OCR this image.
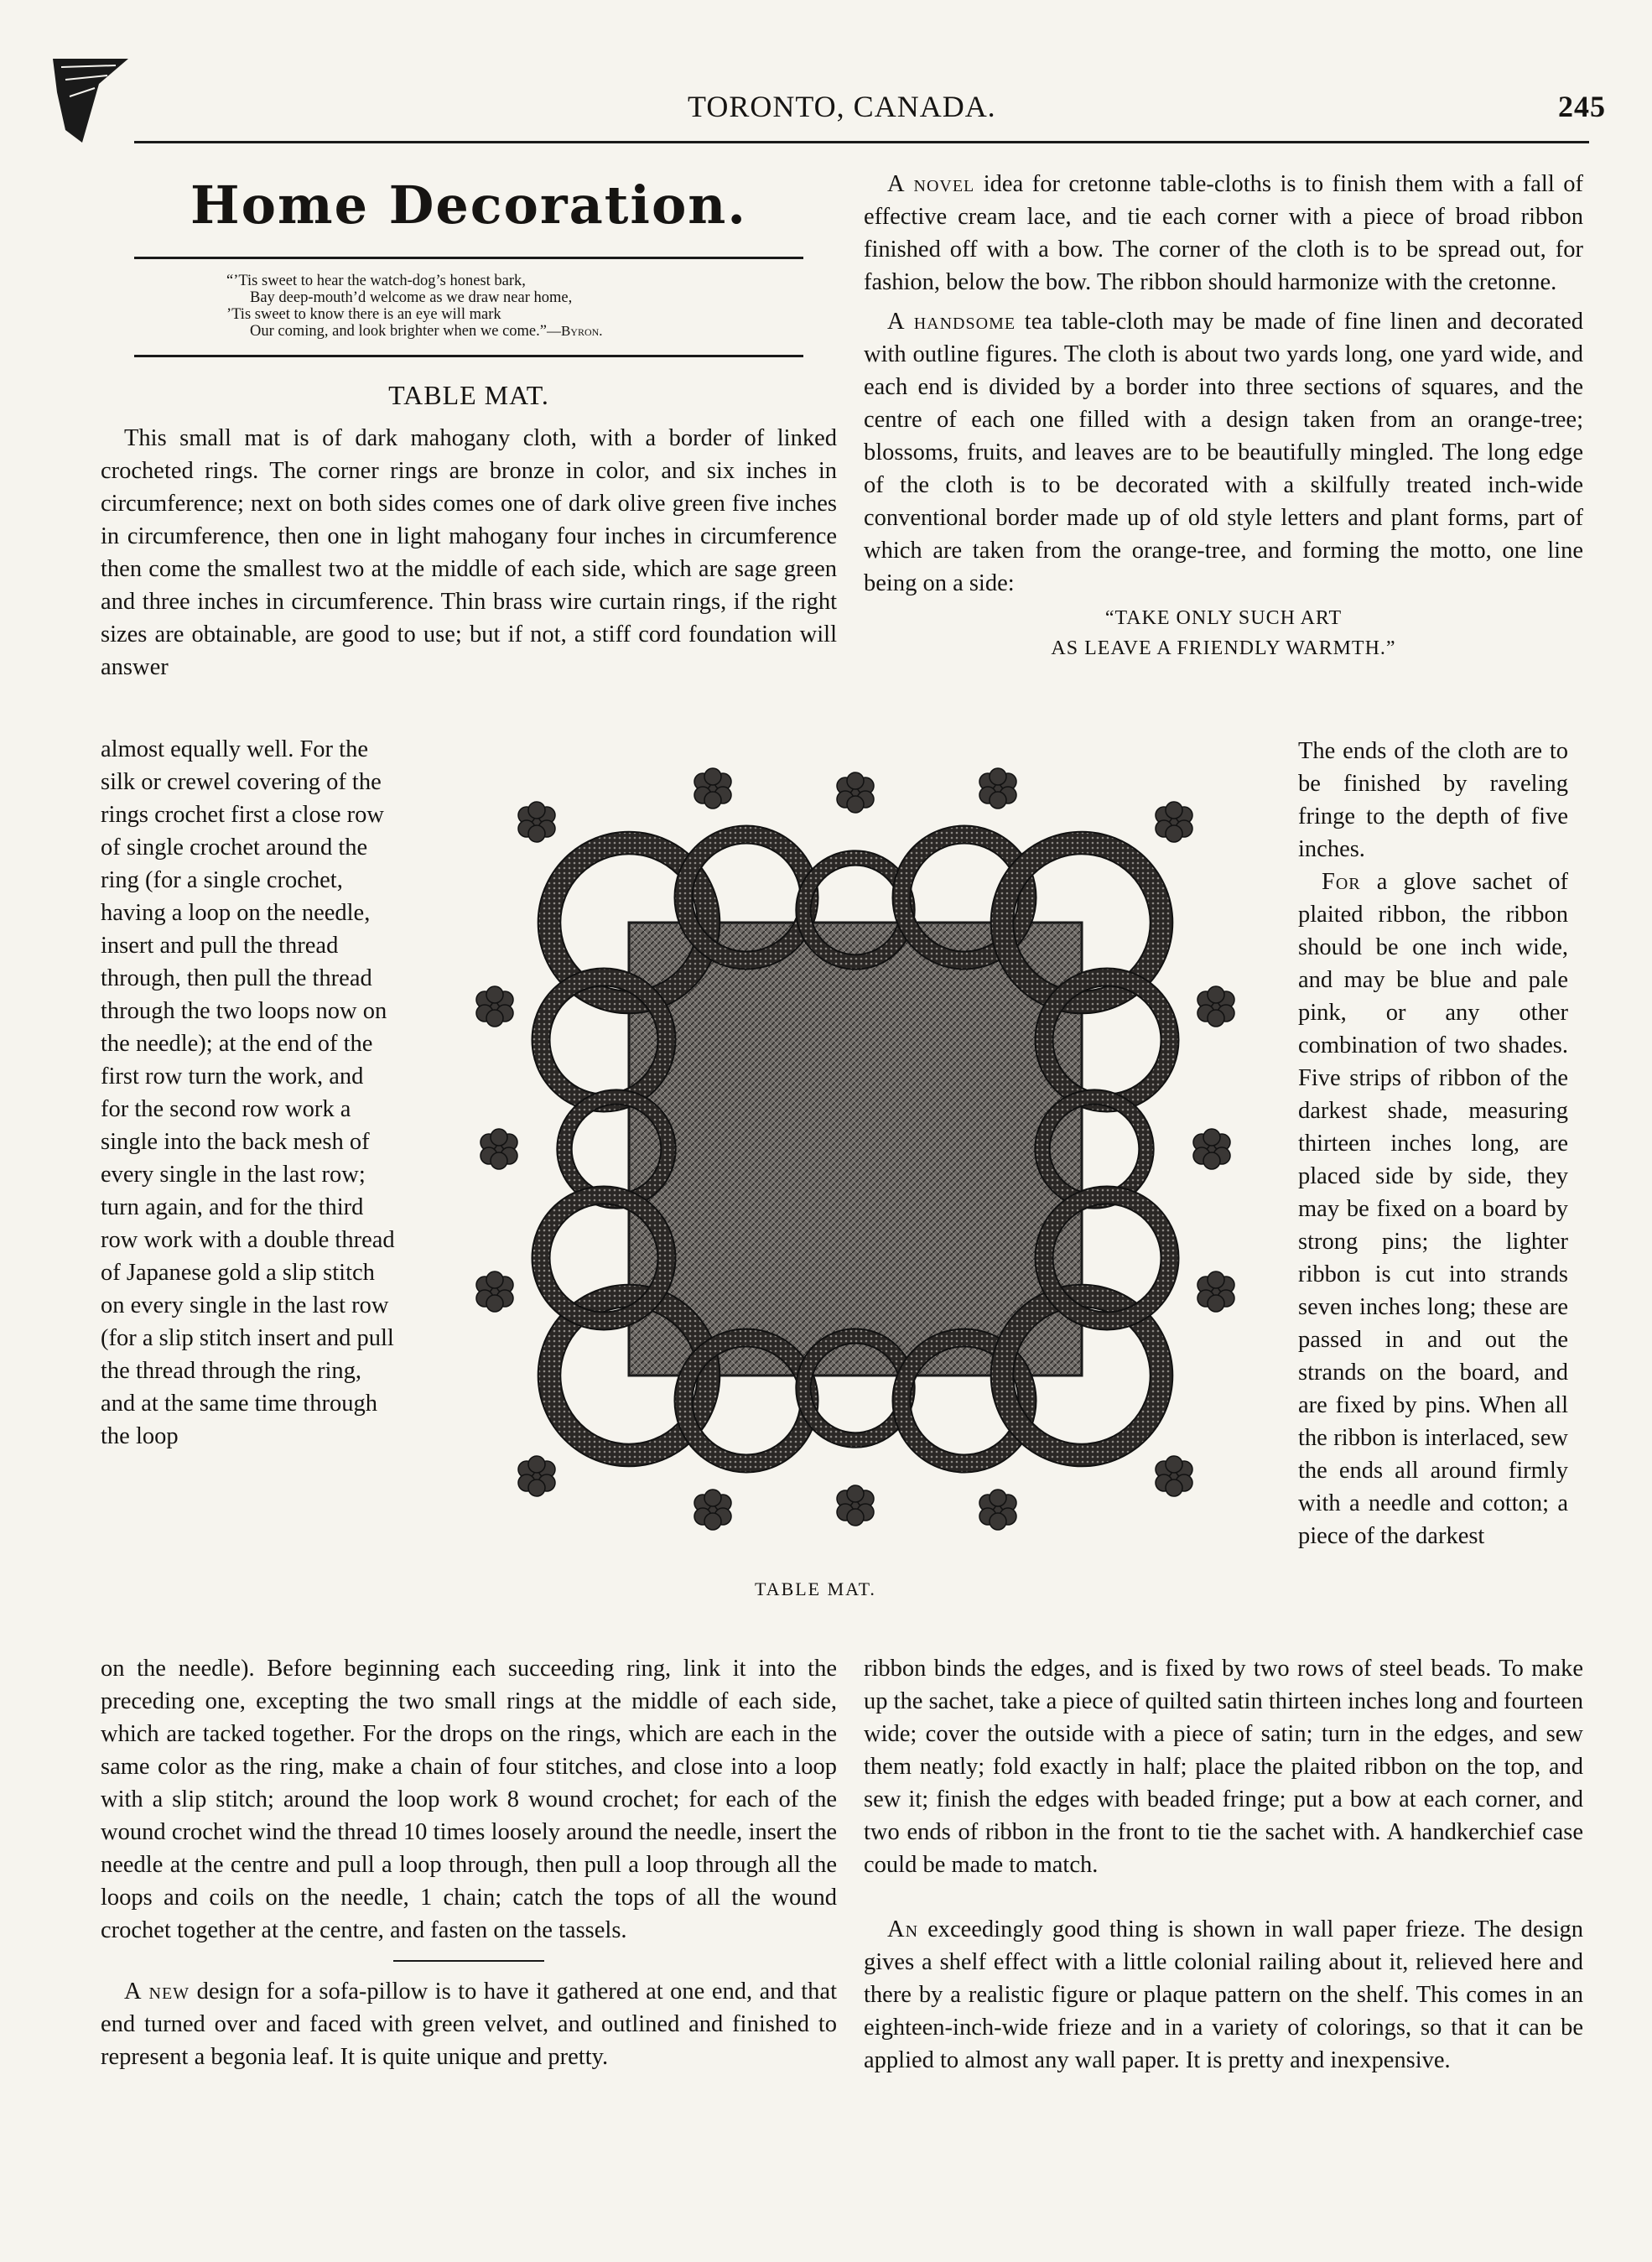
TORONTO, CANADA.	245
Home Decoration.
“’Tis sweet to hear the watch-dog’s honest bark,
Bay deep-mouth’d welcome as we draw near home,
’Tis sweet to know there is an eye will mark
Our coming, and look brighter when we come.”—Byron.
TABLE MAT.

This small mat is of dark mahogany cloth, with a border of linked crocheted rings. The corner rings are bronze in color, and six inches in circumference; next on both sides comes one of dark olive green five inches in circumference, then one in light mahogany four inches in circumference then come the smallest two at the middle of each side, which are sage green and three inches in circumference. Thin brass wire curtain rings, if the right sizes are obtainable, are good to use; but if not, a stiff cord foundation will answer

almost equally well. For the silk or crewel covering of the rings crochet first a close row of single crochet around the ring (for a single crochet, having a loop on the needle, insert and pull the thread through, then pull the thread through the two loops now on the needle); at the end of the first row turn the work, and for the second row work a single into the back mesh of every single in the last row; turn again, and for the third row work with a double thread of Japanese gold a slip stitch on every single in the last row (for a slip stitch insert and pull the thread through the ring, and at the same time through the loop

A novel idea for cretonne table-cloths is to finish them with a fall of effective cream lace, and tie each corner with a piece of broad ribbon finished off with a bow. The corner of the cloth is to be spread out, for fashion, below the bow. The ribbon should harmonize with the cretonne.

A handsome tea table-cloth may be made of fine linen and decorated with outline figures. The cloth is about two yards long, one yard wide, and each end is divided by a border into three sections of squares, and the centre of each one filled with a design taken from an orange-tree; blossoms, fruits, and leaves are to be beautifully mingled. The long edge of the cloth is to be decorated with a skilfully treated inch-wide conventional border made up of old style letters and plant forms, part of which are taken from the orange-tree, and forming the motto, one line being on a side:

“TAKE ONLY SUCH ART
AS LEAVE A FRIENDLY WARMTH.”

The ends of the cloth are to be finished by raveling fringe to the depth of five inches.

For a glove sachet of plaited ribbon, the ribbon should be one inch wide, and may be blue and pale pink, or any other combination of two shades. Five strips of ribbon of the darkest shade, measuring thirteen inches long, are placed side by side, they may be fixed on a board by strong pins; the lighter ribbon is cut into strands seven inches long; these are passed in and out the strands on the board, and are fixed by pins. When all the ribbon is interlaced, sew the ends all around firmly with a needle and cotton; a piece of the darkest

TABLE MAT.

on the needle). Before beginning each succeeding ring, link it into the preceding one, excepting the two small rings at the middle of each side, which are tacked together. For the drops on the rings, which are each in the same color as the ring, make a chain of four stitches, and close into a loop with a slip stitch; around the loop work 8 wound crochet; for each of the wound crochet wind the thread 10 times loosely around the needle, insert the needle at the centre and pull a loop through, then pull a loop through all the loops and coils on the needle, 1 chain; catch the tops of all the wound crochet together at the centre, and fasten on the tassels.

A new design for a sofa-pillow is to have it gathered at one end, and that end turned over and faced with green velvet, and outlined and finished to represent a begonia leaf. It is quite unique and pretty.

ribbon binds the edges, and is fixed by two rows of steel beads. To make up the sachet, take a piece of quilted satin thirteen inches long and fourteen wide; cover the outside with a piece of satin; turn in the edges, and sew them neatly; fold exactly in half; place the plaited ribbon on the top, and sew it; finish the edges with beaded fringe; put a bow at each corner, and two ends of ribbon in the front to tie the sachet with. A handkerchief case could be made to match.

An exceedingly good thing is shown in wall paper frieze. The design gives a shelf effect with a little colonial railing about it, relieved here and there by a realistic figure or plaque pattern on the shelf. This comes in an eighteen-inch-wide frieze and in a variety of colorings, so that it can be applied to almost any wall paper. It is pretty and inexpensive.
